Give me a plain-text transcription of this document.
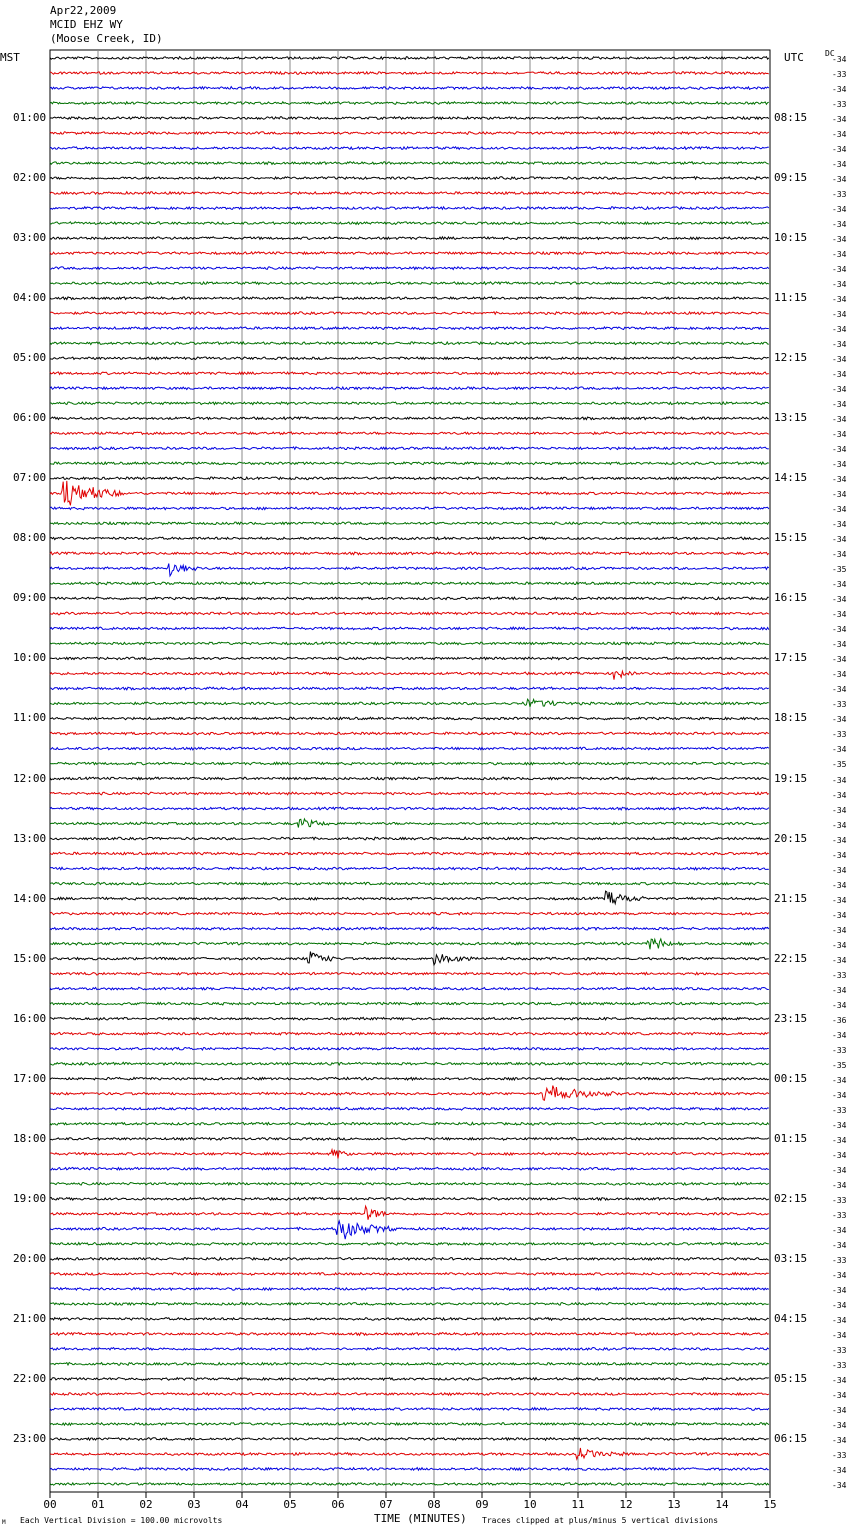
Apr22,2009
MCID EHZ WY
(Moose Creek, ID)
MST	UTC	DC
00	01	02	03	04	05	06	07	08	09	10	11	12	13	14	15
-34
-33
-34
-33
-34
01:00	08:15
-34
-34
-34
-34
02:00	09:15
-33
-34
-34
-34
03:00	10:15
-34
-34
-34
-34
04:00	11:15
-34
-34
-34
-34
05:00	12:15
-34
-34
-34
-34
06:00	13:15
-34
-34
-34
-34
07:00	14:15
-34
-34
-34
-34
08:00	15:15
-34
-35
-34
-34
09:00	16:15
-34
-34
-34
-34
10:00	17:15
-34
-34
-33
-34
11:00	18:15
-33
-34
-35
-34
12:00	19:15
-34
-34
-34
-34
13:00	20:15
-34
-34
-34
-34
14:00	21:15
-34
-34
-34
-34
15:00	22:15
-33
-34
-34
-36
16:00	23:15
-34
-33
-35
-34
17:00	00:15
-34
-33
-34
-34
18:00	01:15
-34
-34
-34
-33
19:00	02:15
-33
-34
-34
-33
20:00	03:15
-34
-34
-34
-34
21:00	04:15
-34
-33
-33
-34
22:00	05:15
-34
-34
-34
-34
23:00	06:15
-33
-34
-34
M Each Vertical Division = 100.00 microvolts	TIME (MINUTES) Traces clipped at plus/minus 5 vertical divisions
